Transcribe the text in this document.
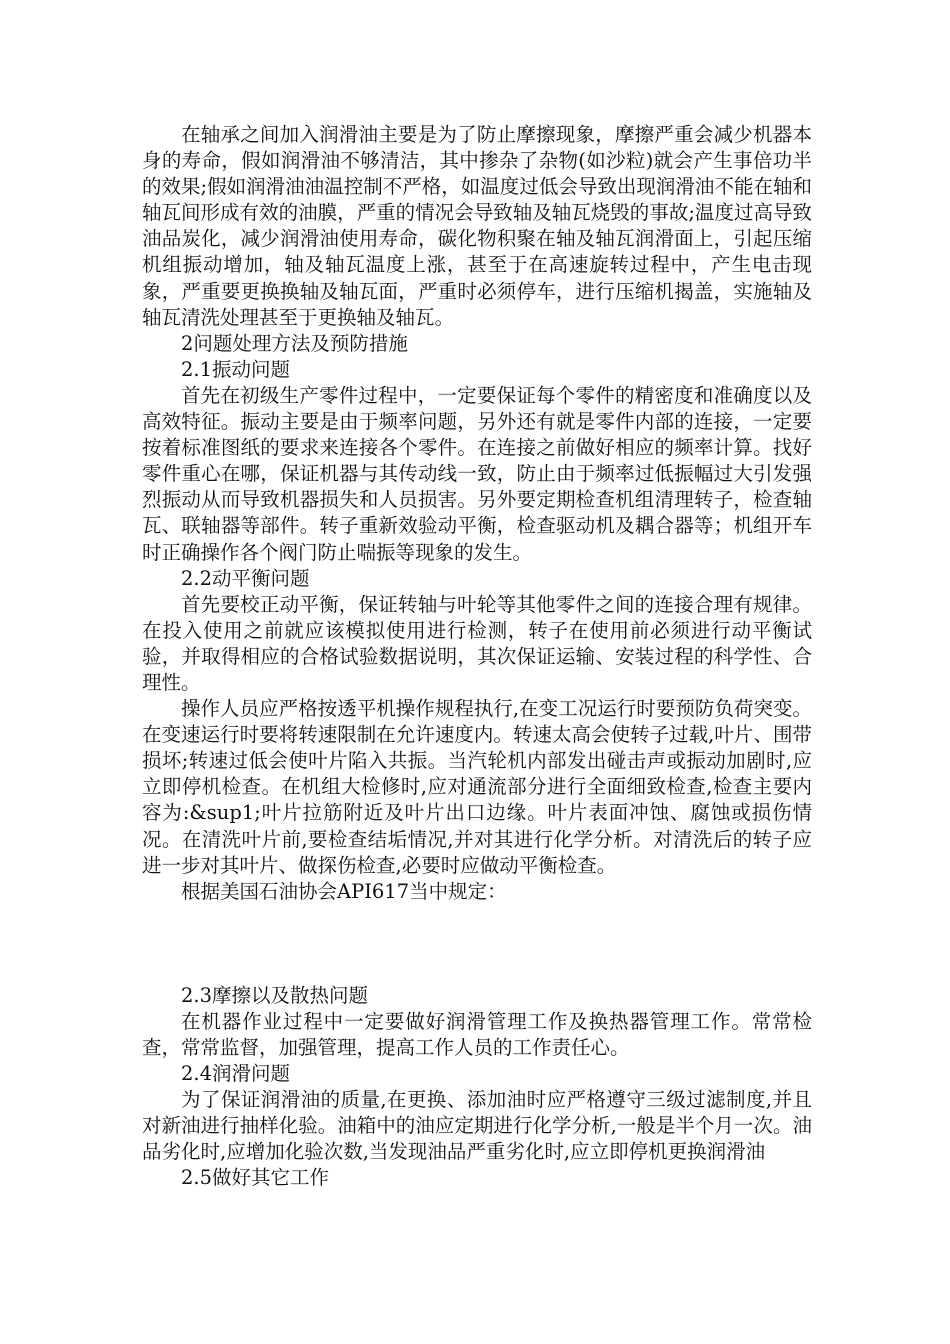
在轴承之间加入润滑油主要是为了防止摩擦现象，摩擦严重会减少机器本身的寿命，假如润滑油不够清洁，其中掺杂了杂物(如沙粒)就会产生事倍功半的效果;假如润滑油油温控制不严格，如温度过低会导致出现润滑油不能在轴和轴瓦间形成有效的油膜，严重的情况会导致轴及轴瓦烧毁的事故;温度过高导致油品炭化，减少润滑油使用寿命，碳化物积聚在轴及轴瓦润滑面上，引起压缩机组振动增加，轴及轴瓦温度上涨，甚至于在高速旋转过程中，产生电击现象，严重要更换换轴及轴瓦面，严重时必须停车，进行压缩机揭盖，实施轴及轴瓦清洗处理甚至于更换轴及轴瓦。

2问题处理方法及预防措施

2.1振动问题

首先在初级生产零件过程中，一定要保证每个零件的精密度和准确度以及高效特征。振动主要是由于频率问题，另外还有就是零件内部的连接，一定要按着标准图纸的要求来连接各个零件。在连接之前做好相应的频率计算。找好零件重心在哪，保证机器与其传动线一致，防止由于频率过低振幅过大引发强烈振动从而导致机器损失和人员损害。另外要定期检查机组清理转子，检查轴瓦、联轴器等部件。转子重新效验动平衡，检查驱动机及耦合器等；机组开车时正确操作各个阀门防止喘振等现象的发生。

2.2动平衡问题

首先要校正动平衡，保证转轴与叶轮等其他零件之间的连接合理有规律。在投入使用之前就应该模拟使用进行检测，转子在使用前必须进行动平衡试验，并取得相应的合格试验数据说明，其次保证运输、安装过程的科学性、合理性。

操作人员应严格按透平机操作规程执行,在变工况运行时要预防负荷突变。在变速运行时要将转速限制在允许速度内。转速太高会使转子过载,叶片、围带损坏;转速过低会使叶片陷入共振。当汽轮机内部发出碰击声或振动加剧时,应立即停机检查。在机组大检修时,应对通流部分进行全面细致检查,检查主要内容为:&sup1;叶片拉筋附近及叶片出口边缘。叶片表面冲蚀、腐蚀或损伤情况。在清洗叶片前,要检查结垢情况,并对其进行化学分析。对清洗后的转子应进一步对其叶片、做探伤检查,必要时应做动平衡检查。

根据美国石油协会API617当中规定：

2.3摩擦以及散热问题

在机器作业过程中一定要做好润滑管理工作及换热器管理工作。常常检查，常常监督，加强管理，提高工作人员的工作责任心。

2.4润滑问题

为了保证润滑油的质量,在更换、添加油时应严格遵守三级过滤制度,并且对新油进行抽样化验。油箱中的油应定期进行化学分析,一般是半个月一次。油品劣化时,应增加化验次数,当发现油品严重劣化时,应立即停机更换润滑油

2.5做好其它工作
